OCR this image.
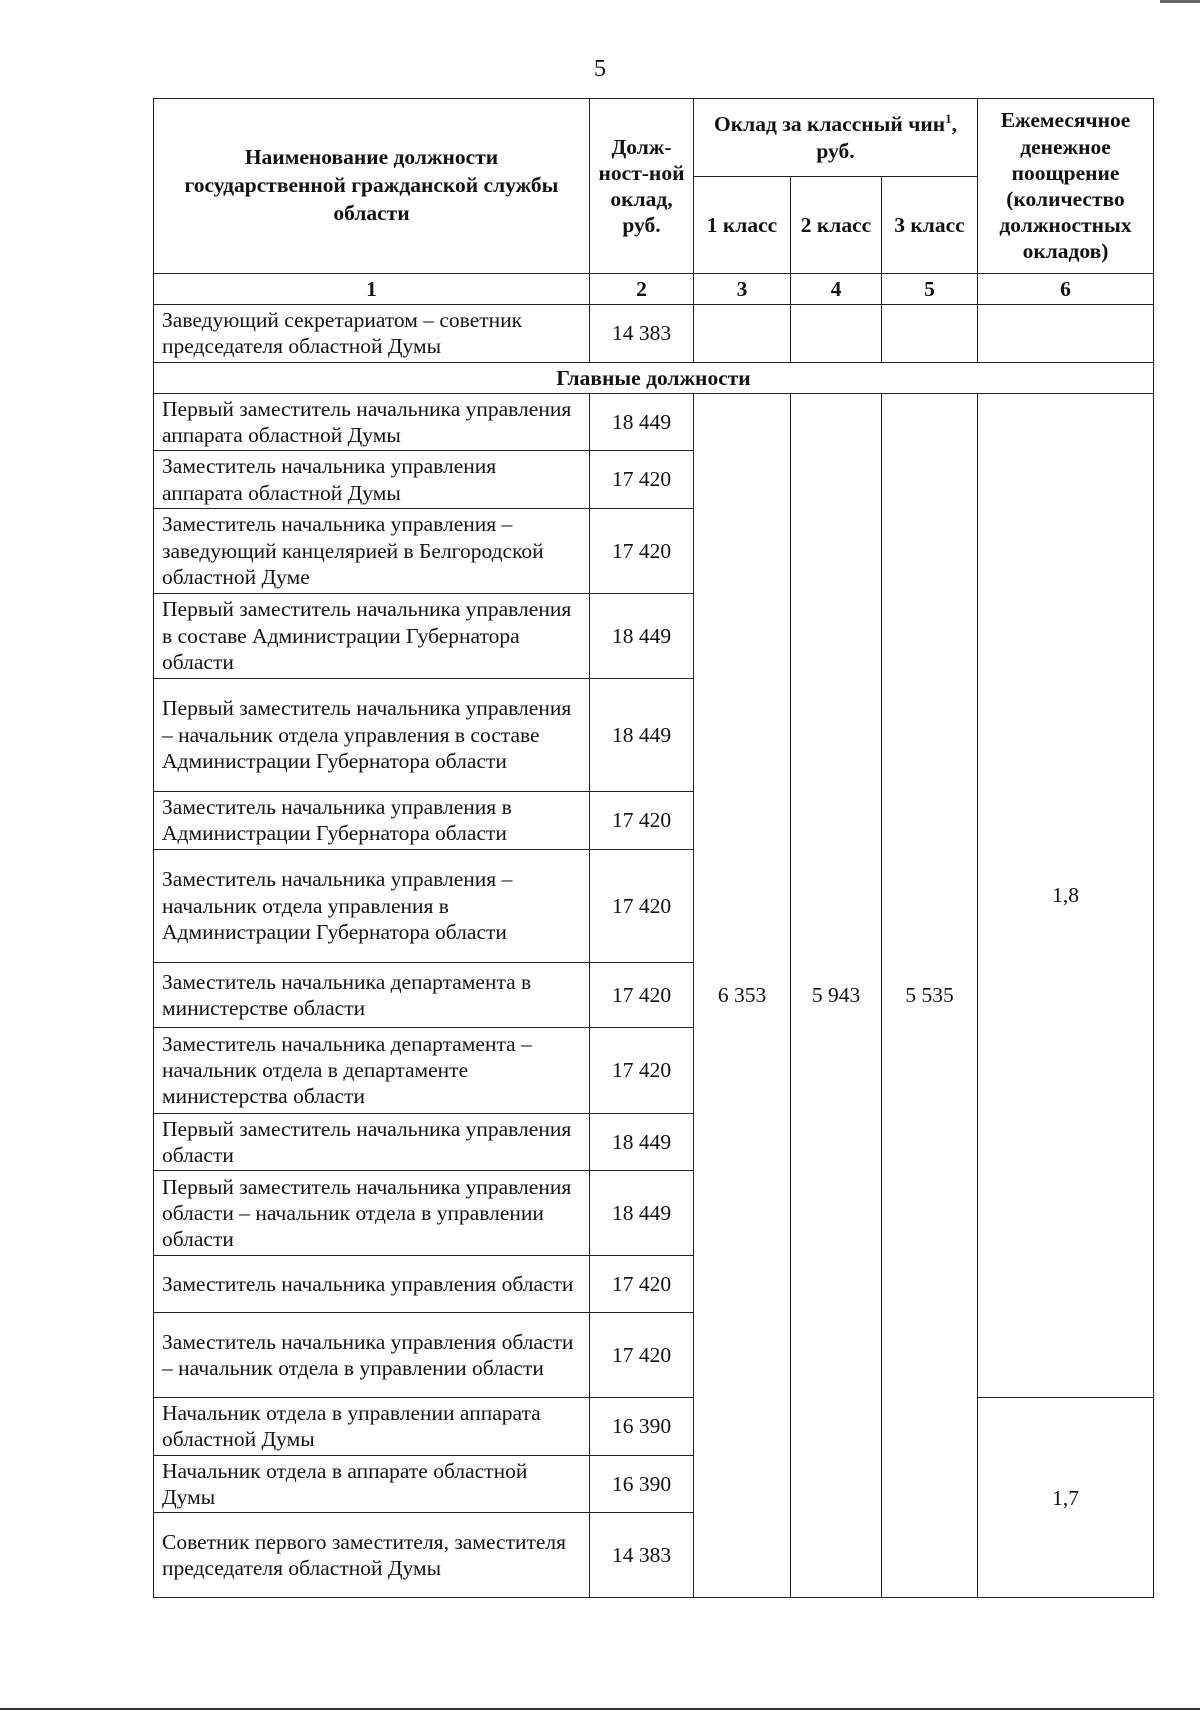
5
Наименование должности государственной гражданской службы области	Долж-ност-ной оклад, руб.	Оклад за классный чин$^1$, руб.			Ежемесячное денежное поощрение (количество должностных окладов)
		1 класс	2 класс	3 класс	
1	2	3	4	5	6
Заведующий секретариатом – советник председателя областной Думы	14 383				
Главные должности					
Первый заместитель начальника управления аппарата областной Думы	18 449	6 353	5 943	5 535	1,8
Заместитель начальника управления аппарата областной Думы	17 420				
Заместитель начальника управления – заведующий канцелярией в Белгородской областной Думе	17 420				
Первый заместитель начальника управления в составе Администрации Губернатора области	18 449				
Первый заместитель начальника управления – начальник отдела управления в составе Администрации Губернатора области	18 449				
Заместитель начальника управления в Администрации Губернатора области	17 420				
Заместитель начальника управления – начальник отдела управления в Администрации Губернатора области	17 420				
Заместитель начальника департамента в министерстве области	17 420				
Заместитель начальника департамента – начальник отдела в департаменте министерства области	17 420				
Первый заместитель начальника управления области	18 449				
Первый заместитель начальника управления области – начальник отдела в управлении области	18 449				
Заместитель начальника управления области	17 420				
Заместитель начальника управления области – начальник отдела в управлении области	17 420				
Начальник отдела в управлении аппарата областной Думы	16 390				1,7
Начальник отдела в аппарате областной Думы	16 390				
Советник первого заместителя, заместителя председателя областной Думы	14 383				
